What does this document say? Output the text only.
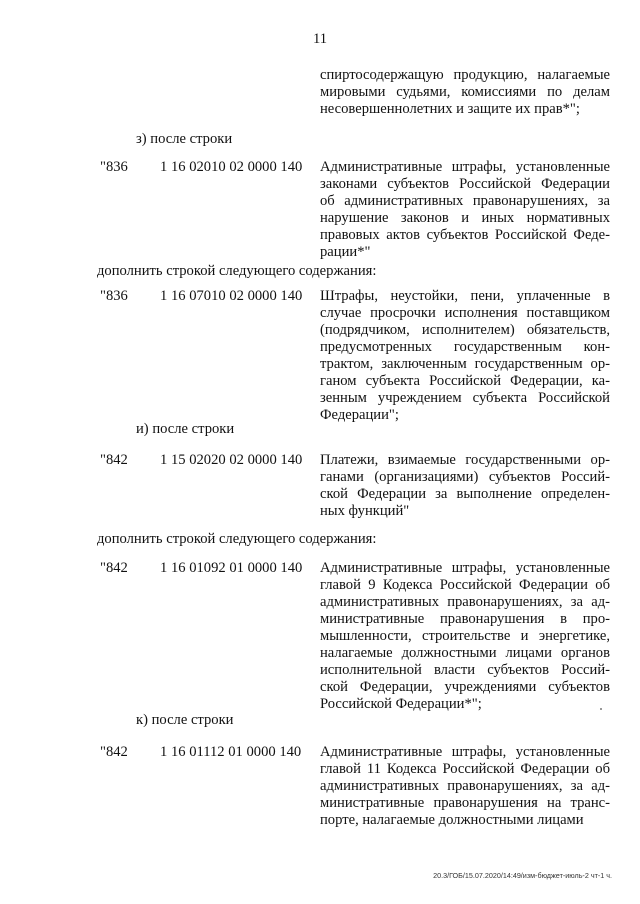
11
спиртосодержащую продукцию, налагаемые
мировыми судьями, комиссиями по делам
несовершеннолетних и защите их прав*";
з) после строки
"836 1 16 02010 02 0000 140 Административные штрафы, установленные
законами субъектов Российской Федерации
об административных правонарушениях, за
нарушение законов и иных нормативных
правовых актов субъектов Российской Феде-
рации*"
дополнить строкой следующего содержания:
"836 1 16 07010 02 0000 140 Штрафы, неустойки, пени, уплаченные в
случае просрочки исполнения поставщиком
(подрядчиком, исполнителем) обязательств,
предусмотренных государственным кон-
трактом, заключенным государственным ор-
ганом субъекта Российской Федерации, ка-
зенным учреждением субъекта Российской
Федерации";
и) после строки
"842 1 15 02020 02 0000 140 Платежи, взимаемые государственными ор-
ганами (организациями) субъектов Россий-
ской Федерации за выполнение определен-
ных функций"
дополнить строкой следующего содержания:
"842 1 16 01092 01 0000 140 Административные штрафы, установленные
главой 9 Кодекса Российской Федерации об
административных правонарушениях, за ад-
министративные правонарушения в про-
мышленности, строительстве и энергетике,
налагаемые должностными лицами органов
исполнительной власти субъектов Россий-
ской Федерации, учреждениями субъектов
Российской Федерации*";
к) после строки
"842 1 16 01112 01 0000 140 Административные штрафы, установленные
главой 11 Кодекса Российской Федерации об
административных правонарушениях, за ад-
министративные правонарушения на транс-
порте, налагаемые должностными лицами
20.3/ГОБ/15.07.2020/14:49/изм-бюджет-июль-2 чт-1 ч.
